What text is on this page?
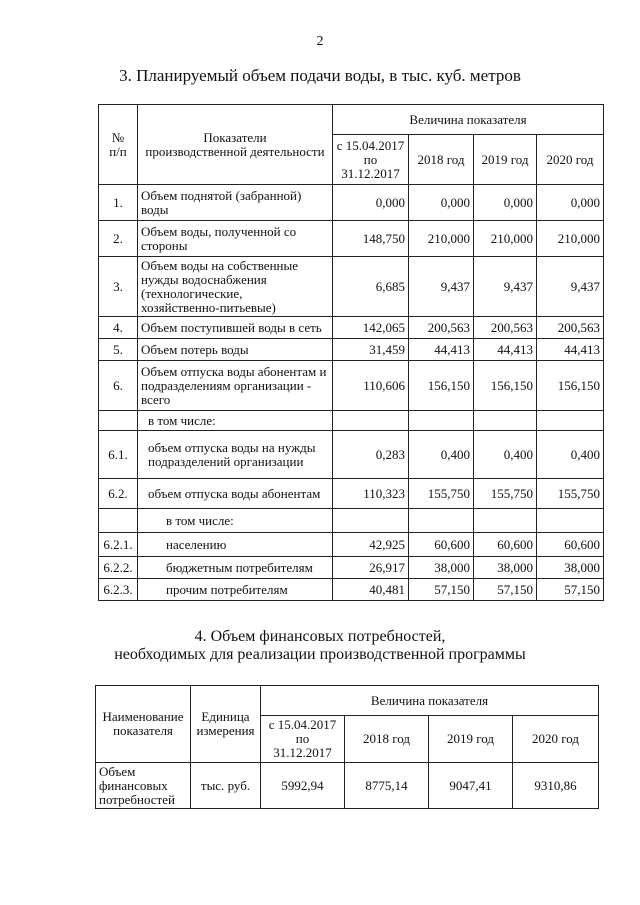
2
3. Планируемый объем подачи воды, в тыс. куб. метров
№
п/п	Показатели
производственной деятельности	Величина показателя			
		с 15.04.2017
по
31.12.2017	2018 год	2019 год	2020 год
1.	Объем поднятой (забранной)
воды	0,000	0,000	0,000	0,000
2.	Объем воды, полученной со
стороны	148,750	210,000	210,000	210,000
3.	Объем воды на собственные
нужды водоснабжения
(технологические,
хозяйственно-питьевые)	6,685	9,437	9,437	9,437
4.	Объем поступившей воды в сеть	142,065	200,563	200,563	200,563
5.	Объем потерь воды	31,459	44,413	44,413	44,413
6.	Объем отпуска воды абонентам и
подразделениям организации -
всего	110,606	156,150	156,150	156,150
	в том числе:				
6.1.	объем отпуска воды на нужды
подразделений организации	0,283	0,400	0,400	0,400
6.2.	объем отпуска воды абонентам	110,323	155,750	155,750	155,750
	в том числе:				
6.2.1.	населению	42,925	60,600	60,600	60,600
6.2.2.	бюджетным потребителям	26,917	38,000	38,000	38,000
6.2.3.	прочим потребителям	40,481	57,150	57,150	57,150
4. Объем финансовых потребностей,
необходимых для реализации производственной программы
Наименование
показателя	Единица
измерения	Величина показателя			
		с 15.04.2017
по
31.12.2017	2018 год	2019 год	2020 год
Объем
финансовых
потребностей	тыс. руб.	5992,94	8775,14	9047,41	9310,86
